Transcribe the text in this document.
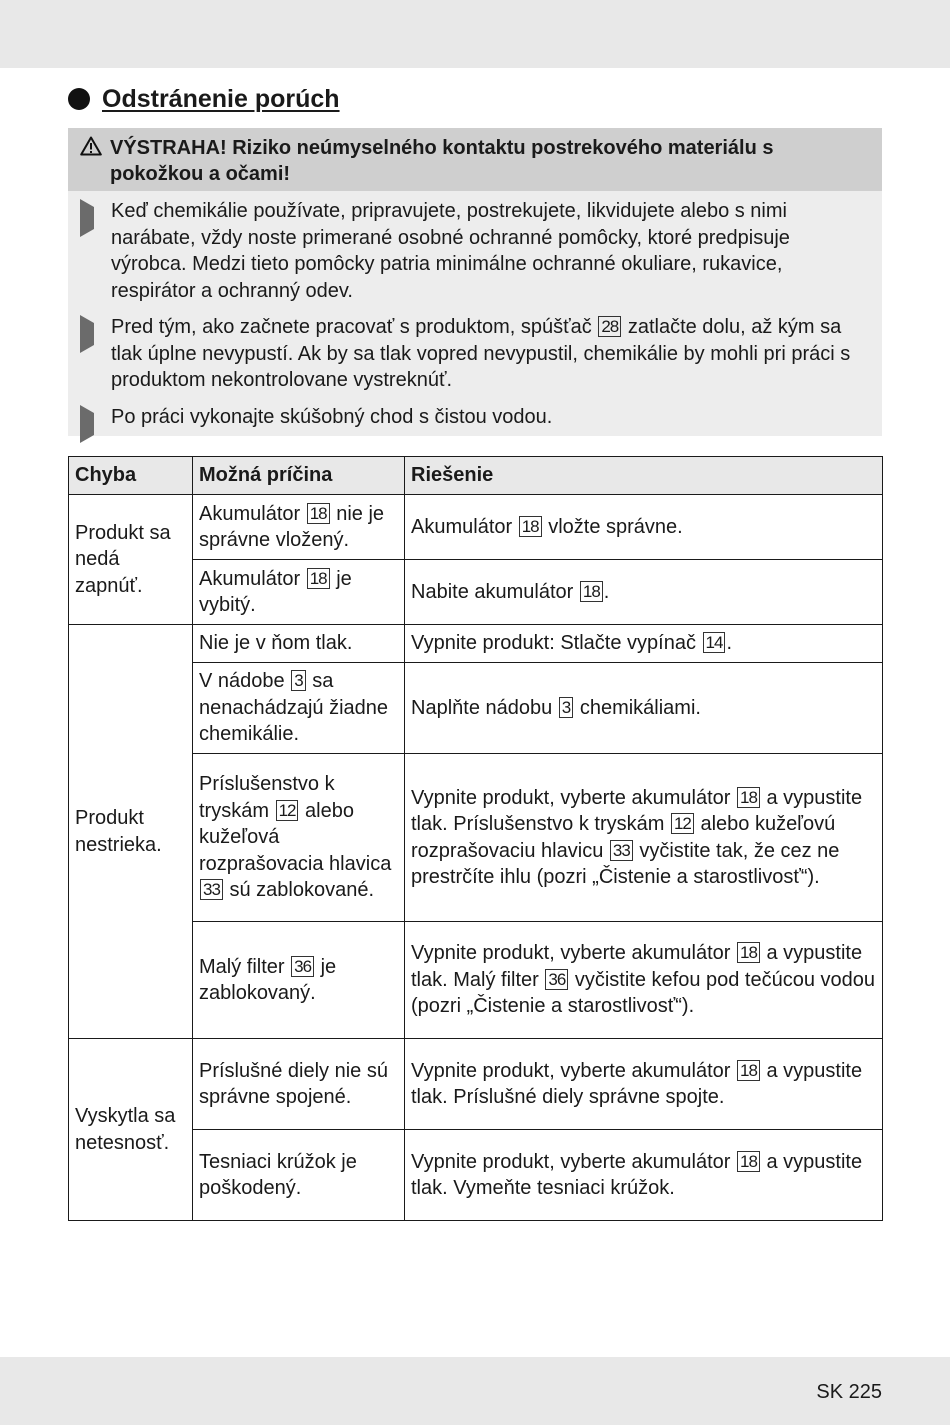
Odstránenie porúch
VÝSTRAHA! Riziko neúmyselného kontaktu postrekového materiálu s pokožkou a očami!
Keď chemikálie používate, pripravujete, postrekujete, likvidujete alebo s nimi narábate, vždy noste primerané osobné ochranné pomôcky, ktoré predpisuje výrobca. Medzi tieto pomôcky patria minimálne ochranné okuliare, rukavice, respirátor a ochranný odev.
Pred tým, ako začnete pracovať s produktom, spúšťač 28 zatlačte dolu, až kým sa tlak úplne nevypustí. Ak by sa tlak vopred nevypustil, chemikálie by mohli pri práci s produktom nekontrolovane vystreknúť.
Po práci vykonajte skúšobný chod s čistou vodou.
Chyba	Možná príčina	Riešenie
Produkt sa nedá zapnúť.	Akumulátor 18 nie je správne vložený.	Akumulátor 18 vložte správne.
	Akumulátor 18 je vybitý.	Nabite akumulátor 18 .
Produkt nestrieka.	Nie je v ňom tlak.	Vypnite produkt: Stlačte vypínač 14 .
	V nádobe 3 sa nenachádzajú žiadne chemikálie.	Naplňte nádobu 3 chemikáliami.
	Príslušenstvo k tryskám 12 alebo kužeľová rozprašovacia hlavica 33 sú zablokované.	Vypnite produkt, vyberte akumulátor 18 a vypustite tlak. Príslušenstvo k tryskám 12 alebo kužeľovú rozprašovaciu hlavicu 33 vyčistite tak, že cez ne prestrčíte ihlu (pozri „Čistenie a starostlivosť“).
	Malý filter 36 je zablokovaný.	Vypnite produkt, vyberte akumulátor 18 a vypustite tlak. Malý filter 36 vyčistite kefou pod tečúcou vodou (pozri „Čistenie a starostlivosť“).
Vyskytla sa netesnosť.	Príslušné diely nie sú správne spojené.	Vypnite produkt, vyberte akumulátor 18 a vypustite tlak. Príslušné diely správne spojte.
	Tesniaci krúžok je poškodený.	Vypnite produkt, vyberte akumulátor 18 a vypustite tlak. Vymeňte tesniaci krúžok.
SK 225
